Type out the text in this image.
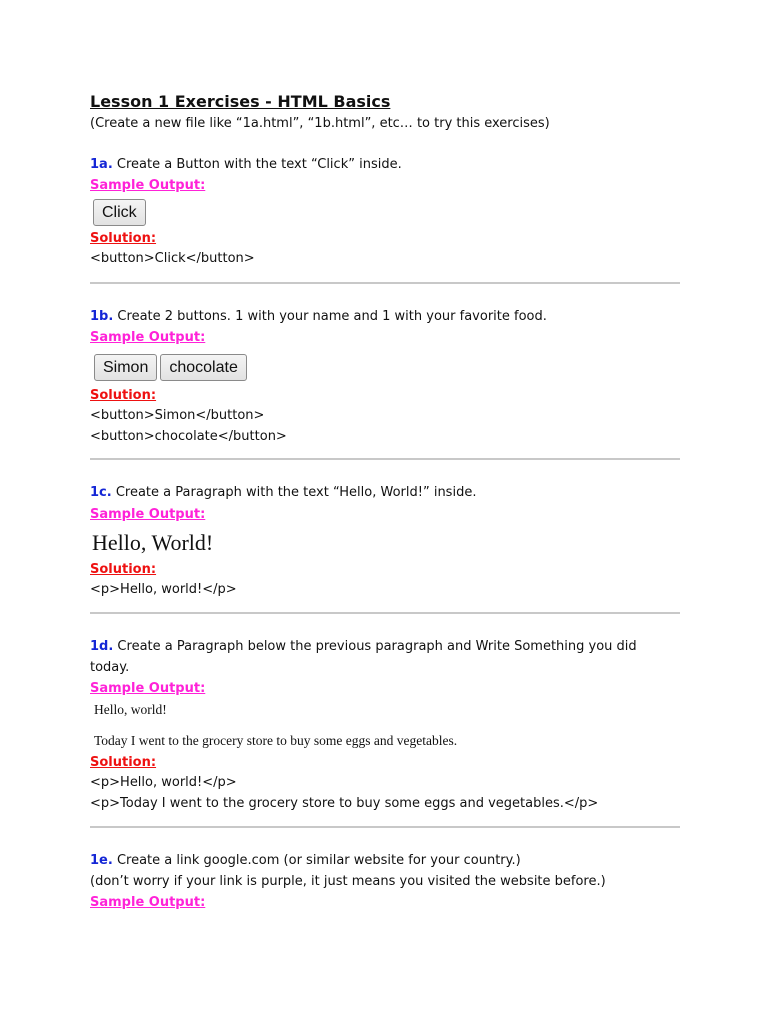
Lesson 1 Exercises - HTML Basics

(Create a new file like “1a.html”, “1b.html”, etc… to try this exercises)

1a. Create a Button with the text “Click” inside.

Sample Output:

Click

Solution:

<button>Click</button>

1b. Create 2 buttons. 1 with your name and 1 with your favorite food.

Sample Output:

Simon chocolate

Solution:

<button>Simon</button>

<button>chocolate</button>

1c. Create a Paragraph with the text “Hello, World!” inside.

Sample Output:

Hello, World!

Solution:

<p>Hello, world!</p>

1d. Create a Paragraph below the previous paragraph and Write Something you did today.

Sample Output:

Hello, world!

Today I went to the grocery store to buy some eggs and vegetables.

Solution:

<p>Hello, world!</p>

<p>Today I went to the grocery store to buy some eggs and vegetables.</p>

1e. Create a link google.com (or similar website for your country.)

(don’t worry if your link is purple, it just means you visited the website before.)

Sample Output:
